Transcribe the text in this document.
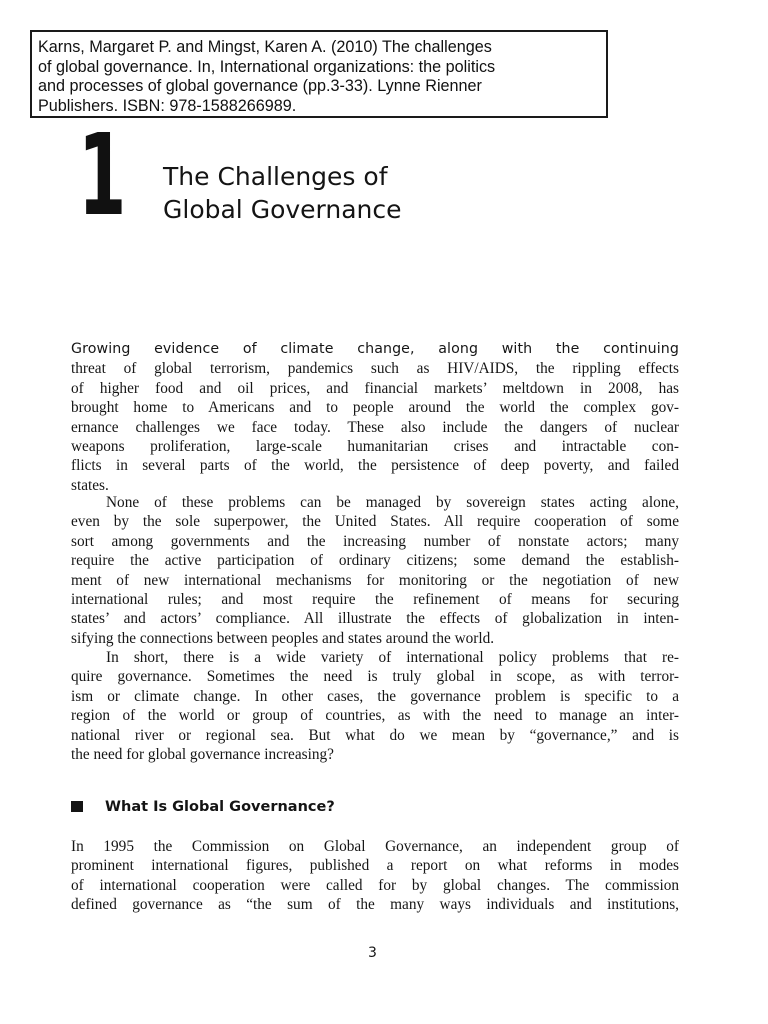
Karns, Margaret P. and Mingst, Karen A. (2010) The challenges
of global governance. In, International organizations: the politics
and processes of global governance (pp.3-33). Lynne Rienner
Publishers. ISBN: 978-1588266989.
1 The Challenges of
Global Governance
Growing evidence of climate change, along with the continuing
threat of global terrorism, pandemics such as HIV/AIDS, the rippling effects
of higher food and oil prices, and financial markets’ meltdown in 2008, has
brought home to Americans and to people around the world the complex gov-
ernance challenges we face today. These also include the dangers of nuclear
weapons proliferation, large-scale humanitarian crises and intractable con-
flicts in several parts of the world, the persistence of deep poverty, and failed
states.
None of these problems can be managed by sovereign states acting alone,
even by the sole superpower, the United States. All require cooperation of some
sort among governments and the increasing number of nonstate actors; many
require the active participation of ordinary citizens; some demand the establish-
ment of new international mechanisms for monitoring or the negotiation of new
international rules; and most require the refinement of means for securing
states’ and actors’ compliance. All illustrate the effects of globalization in inten-
sifying the connections between peoples and states around the world.
In short, there is a wide variety of international policy problems that re-
quire governance. Sometimes the need is truly global in scope, as with terror-
ism or climate change. In other cases, the governance problem is specific to a
region of the world or group of countries, as with the need to manage an inter-
national river or regional sea. But what do we mean by “governance,” and is
the need for global governance increasing?
What Is Global Governance?
In 1995 the Commission on Global Governance, an independent group of
prominent international figures, published a report on what reforms in modes
of international cooperation were called for by global changes. The commission
defined governance as “the sum of the many ways individuals and institutions,
3
